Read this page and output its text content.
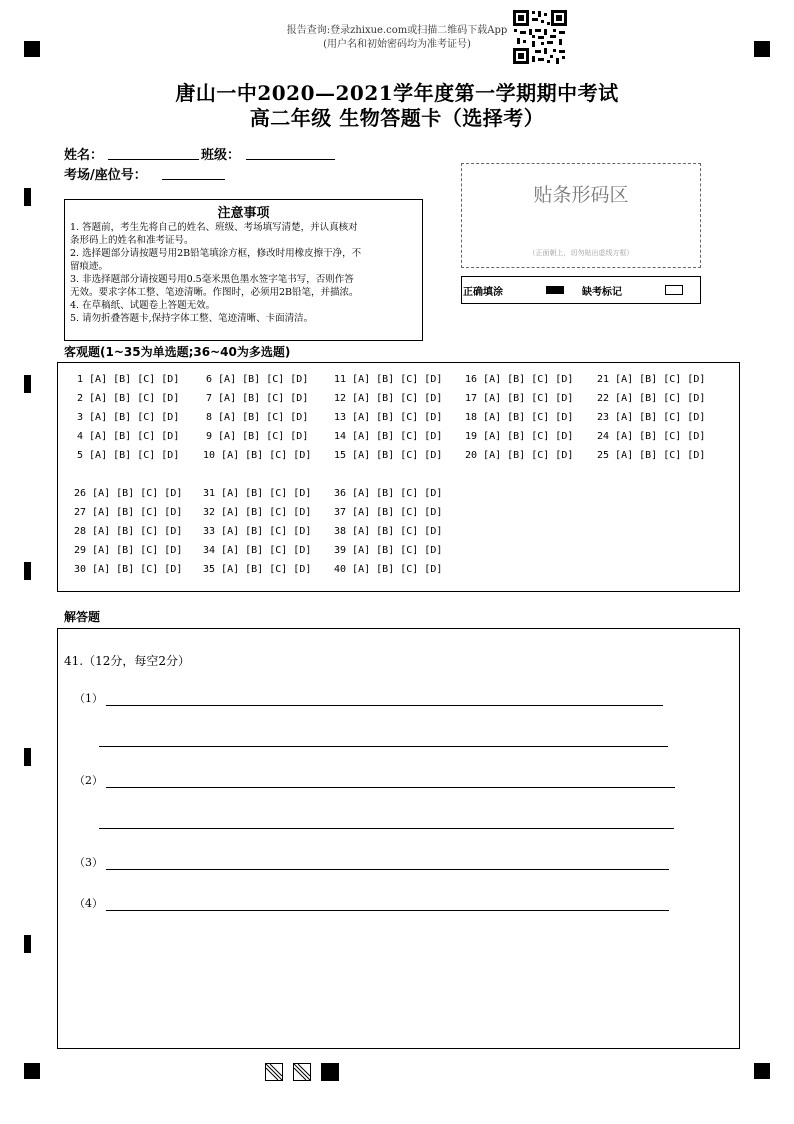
报告查询:登录zhixue.com或扫描二维码下载App
(用户名和初始密码均为准考证号)
唐山一中2020—2021学年度第一学期期中考试
高二年级 生物答题卡（选择考）
姓名：	班级：
考场/座位号：
注意事项
1. 答题前，考生先将自己的姓名、班级、考场填写清楚，并认真核对
条形码上的姓名和准考证号。
2. 选择题部分请按题号用2B铅笔填涂方框，修改时用橡皮擦干净，不
留痕迹。
3. 非选择题部分请按题号用0.5毫米黑色墨水签字笔书写，否则作答
无效。要求字体工整、笔迹清晰。作图时，必须用2B铅笔，并描浓。
4. 在草稿纸、试题卷上答题无效。
5. 请勿折叠答题卡,保持字体工整、笔迹清晰、卡面清洁。
贴条形码区
（正面朝上，切勿贴出虚线方框）
正确填涂	缺考标记
客观题(1~35为单选题;36~40为多选题)
1 [A] [B] [C] [D]	6 [A] [B] [C] [D]	11 [A] [B] [C] [D] 16 [A] [B] [C] [D] 21 [A] [B] [C] [D]
2 [A] [B] [C] [D]	7 [A] [B] [C] [D]	12 [A] [B] [C] [D] 17 [A] [B] [C] [D] 22 [A] [B] [C] [D]
3 [A] [B] [C] [D]	8 [A] [B] [C] [D]	13 [A] [B] [C] [D] 18 [A] [B] [C] [D] 23 [A] [B] [C] [D]
4 [A] [B] [C] [D]	9 [A] [B] [C] [D]	14 [A] [B] [C] [D] 19 [A] [B] [C] [D] 24 [A] [B] [C] [D]
5 [A] [B] [C] [D] 10 [A] [B] [C] [D] 15 [A] [B] [C] [D] 20 [A] [B] [C] [D] 25 [A] [B] [C] [D]
26 [A] [B] [C] [D] 31 [A] [B] [C] [D] 36 [A] [B] [C] [D]
27 [A] [B] [C] [D] 32 [A] [B] [C] [D] 37 [A] [B] [C] [D]
28 [A] [B] [C] [D] 33 [A] [B] [C] [D] 38 [A] [B] [C] [D]
29 [A] [B] [C] [D] 34 [A] [B] [C] [D] 39 [A] [B] [C] [D]
30 [A] [B] [C] [D] 35 [A] [B] [C] [D] 40 [A] [B] [C] [D]
解答题
41.（12分，每空2分）
（1）
（2）
（3）
（4）
